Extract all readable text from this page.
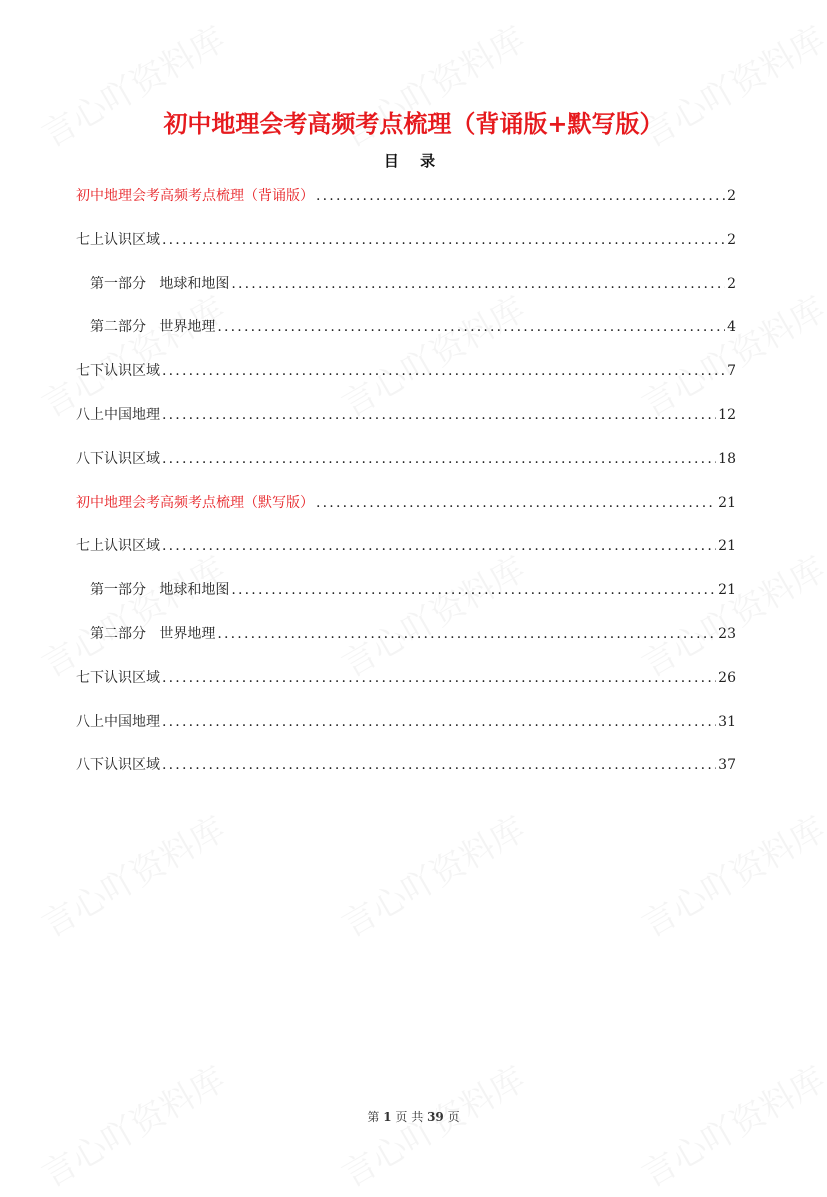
初中地理会考高频考点梳理（背诵版+默写版）
目 录
初中地理会考高频考点梳理（背诵版） .....	2
七上认识区域 .....	2
第一部分   地球和地图 .....	2
第二部分   世界地理 .....	4
七下认识区域 .....	7
八上中国地理 .....	12
八下认识区域 .....	18
初中地理会考高频考点梳理（默写版） .....	21
七上认识区域 .....	21
第一部分   地球和地图 .....	21
第二部分   世界地理 .....	23
七下认识区域 .....	26
八上中国地理 .....	31
八下认识区域 .....	37
第 1 页 共 39 页
